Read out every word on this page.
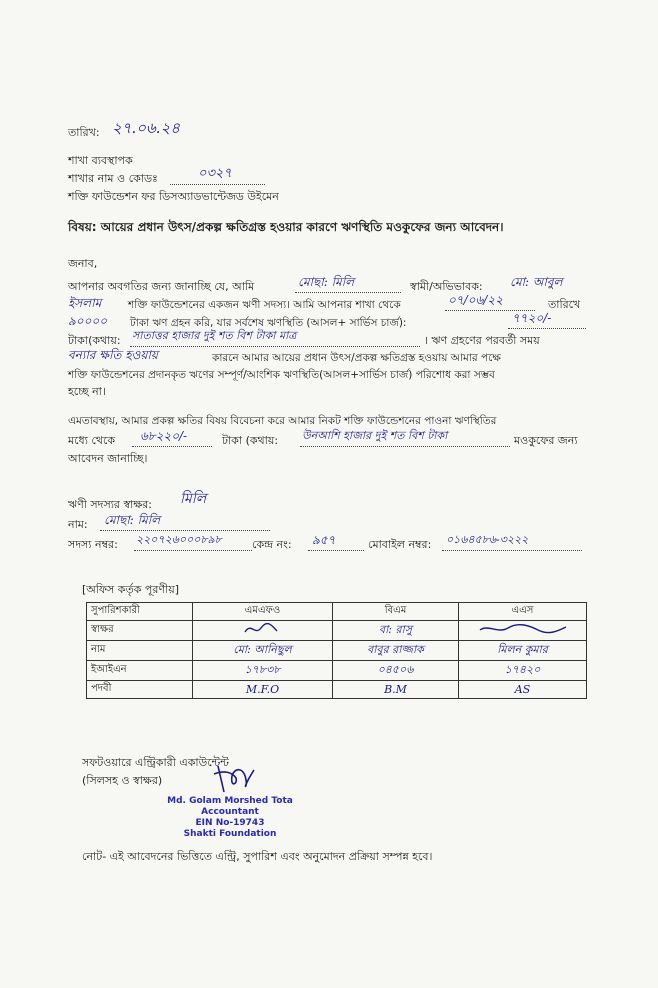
তারিখ: ২৭.০৬.২৪
শাখা ব্যবস্থাপক
শাখার নাম ও কোডঃ	০৩২৭
শক্তি ফাউন্ডেশন ফর ডিসঅ্যাডভান্টেজড উইমেন
বিষয়: আয়ের প্রধান উৎস/প্রকল্প ক্ষতিগ্রস্ত হওয়ার কারণে ঋণস্থিতি মওকুফের জন্য আবেদন।
জনাব,
আপনার অবগতির জন্য জানাচ্ছি যে, আমি	মোছা: মিলি	স্বামী/অভিভাবক: মো: আবুল
ইসলাম	শক্তি ফাউন্ডেশনের একজন ঋণী সদস্য। আমি আপনার শাখা থেকে	০৭/০৬/২২	তারিখে
৯০০০০ টাকা ঋণ গ্রহন করি, যার সর্বশেষ ঋণস্থিতি (আসল+ সার্ভিস চার্জ):	৭৭২০/-
টাকা(কথায়: সাতাত্তর হাজার দুই শত বিশ টাকা মাত্র	। ঋণ গ্রহণের পরবর্তী সময়
বন্যার ক্ষতি হওয়ায়	কারনে আমার আয়ের প্রধান উৎস/প্রকল্প ক্ষতিগ্রস্ত হওয়ায় আমার পক্ষে
শক্তি ফাউন্ডেশনের প্রদানকৃত ঋণের সম্পূর্ণ/আংশিক ঋণস্থিতি(আসল+সার্ভিস চার্জ) পরিশোধ করা সম্ভব
হচ্ছে না।
এমতাবস্থায়, আমার প্রকল্প ক্ষতির বিষয় বিবেচনা করে আমার নিকট শক্তি ফাউন্ডেশনের পাওনা ঋণস্থিতির
মধ্যে থেকে ৬৮২২০/-	টাকা (কথায়: উনআশি হাজার দুই শত বিশ টাকা	মওকুফের জন্য
আবেদন জানাচ্ছি।
ঋণী সদস্যর স্বাক্ষর: মিলি
নাম: মোছা: মিলি
সদস্য নম্বর: ২২০৭২৬০০০৮৯৮	কেন্দ্র নং: ৯৫৭	মোবাইল নম্বর: ০১৬৪৫৮৬-৩২২২
[অফিস কর্তৃক পূরণীয়]
সুপারিশকারী	এমএফও	বিএম	এএস
স্বাক্ষর		বা: রাসু	
নাম	মো: আনিছুল	বাবুর রাজ্জাক	মিলন কুমার
ইআইএন	১৭৮৩৮	০৪৫০৬	১৭৪২০
পদবী	M.F.O	B.M	AS
সফটওয়ারে এন্ট্রিকারী একাউন্টেন্ট
(সিলসহ ও স্বাক্ষর)
Md. Golam Morshed Tota
Accountant
EIN No-19743
Shakti Foundation
নোট- এই আবেদনের ভিত্তিতে এন্ট্রি, সুপারিশ এবং অনুমোদন প্রক্রিয়া সম্পন্ন হবে।
